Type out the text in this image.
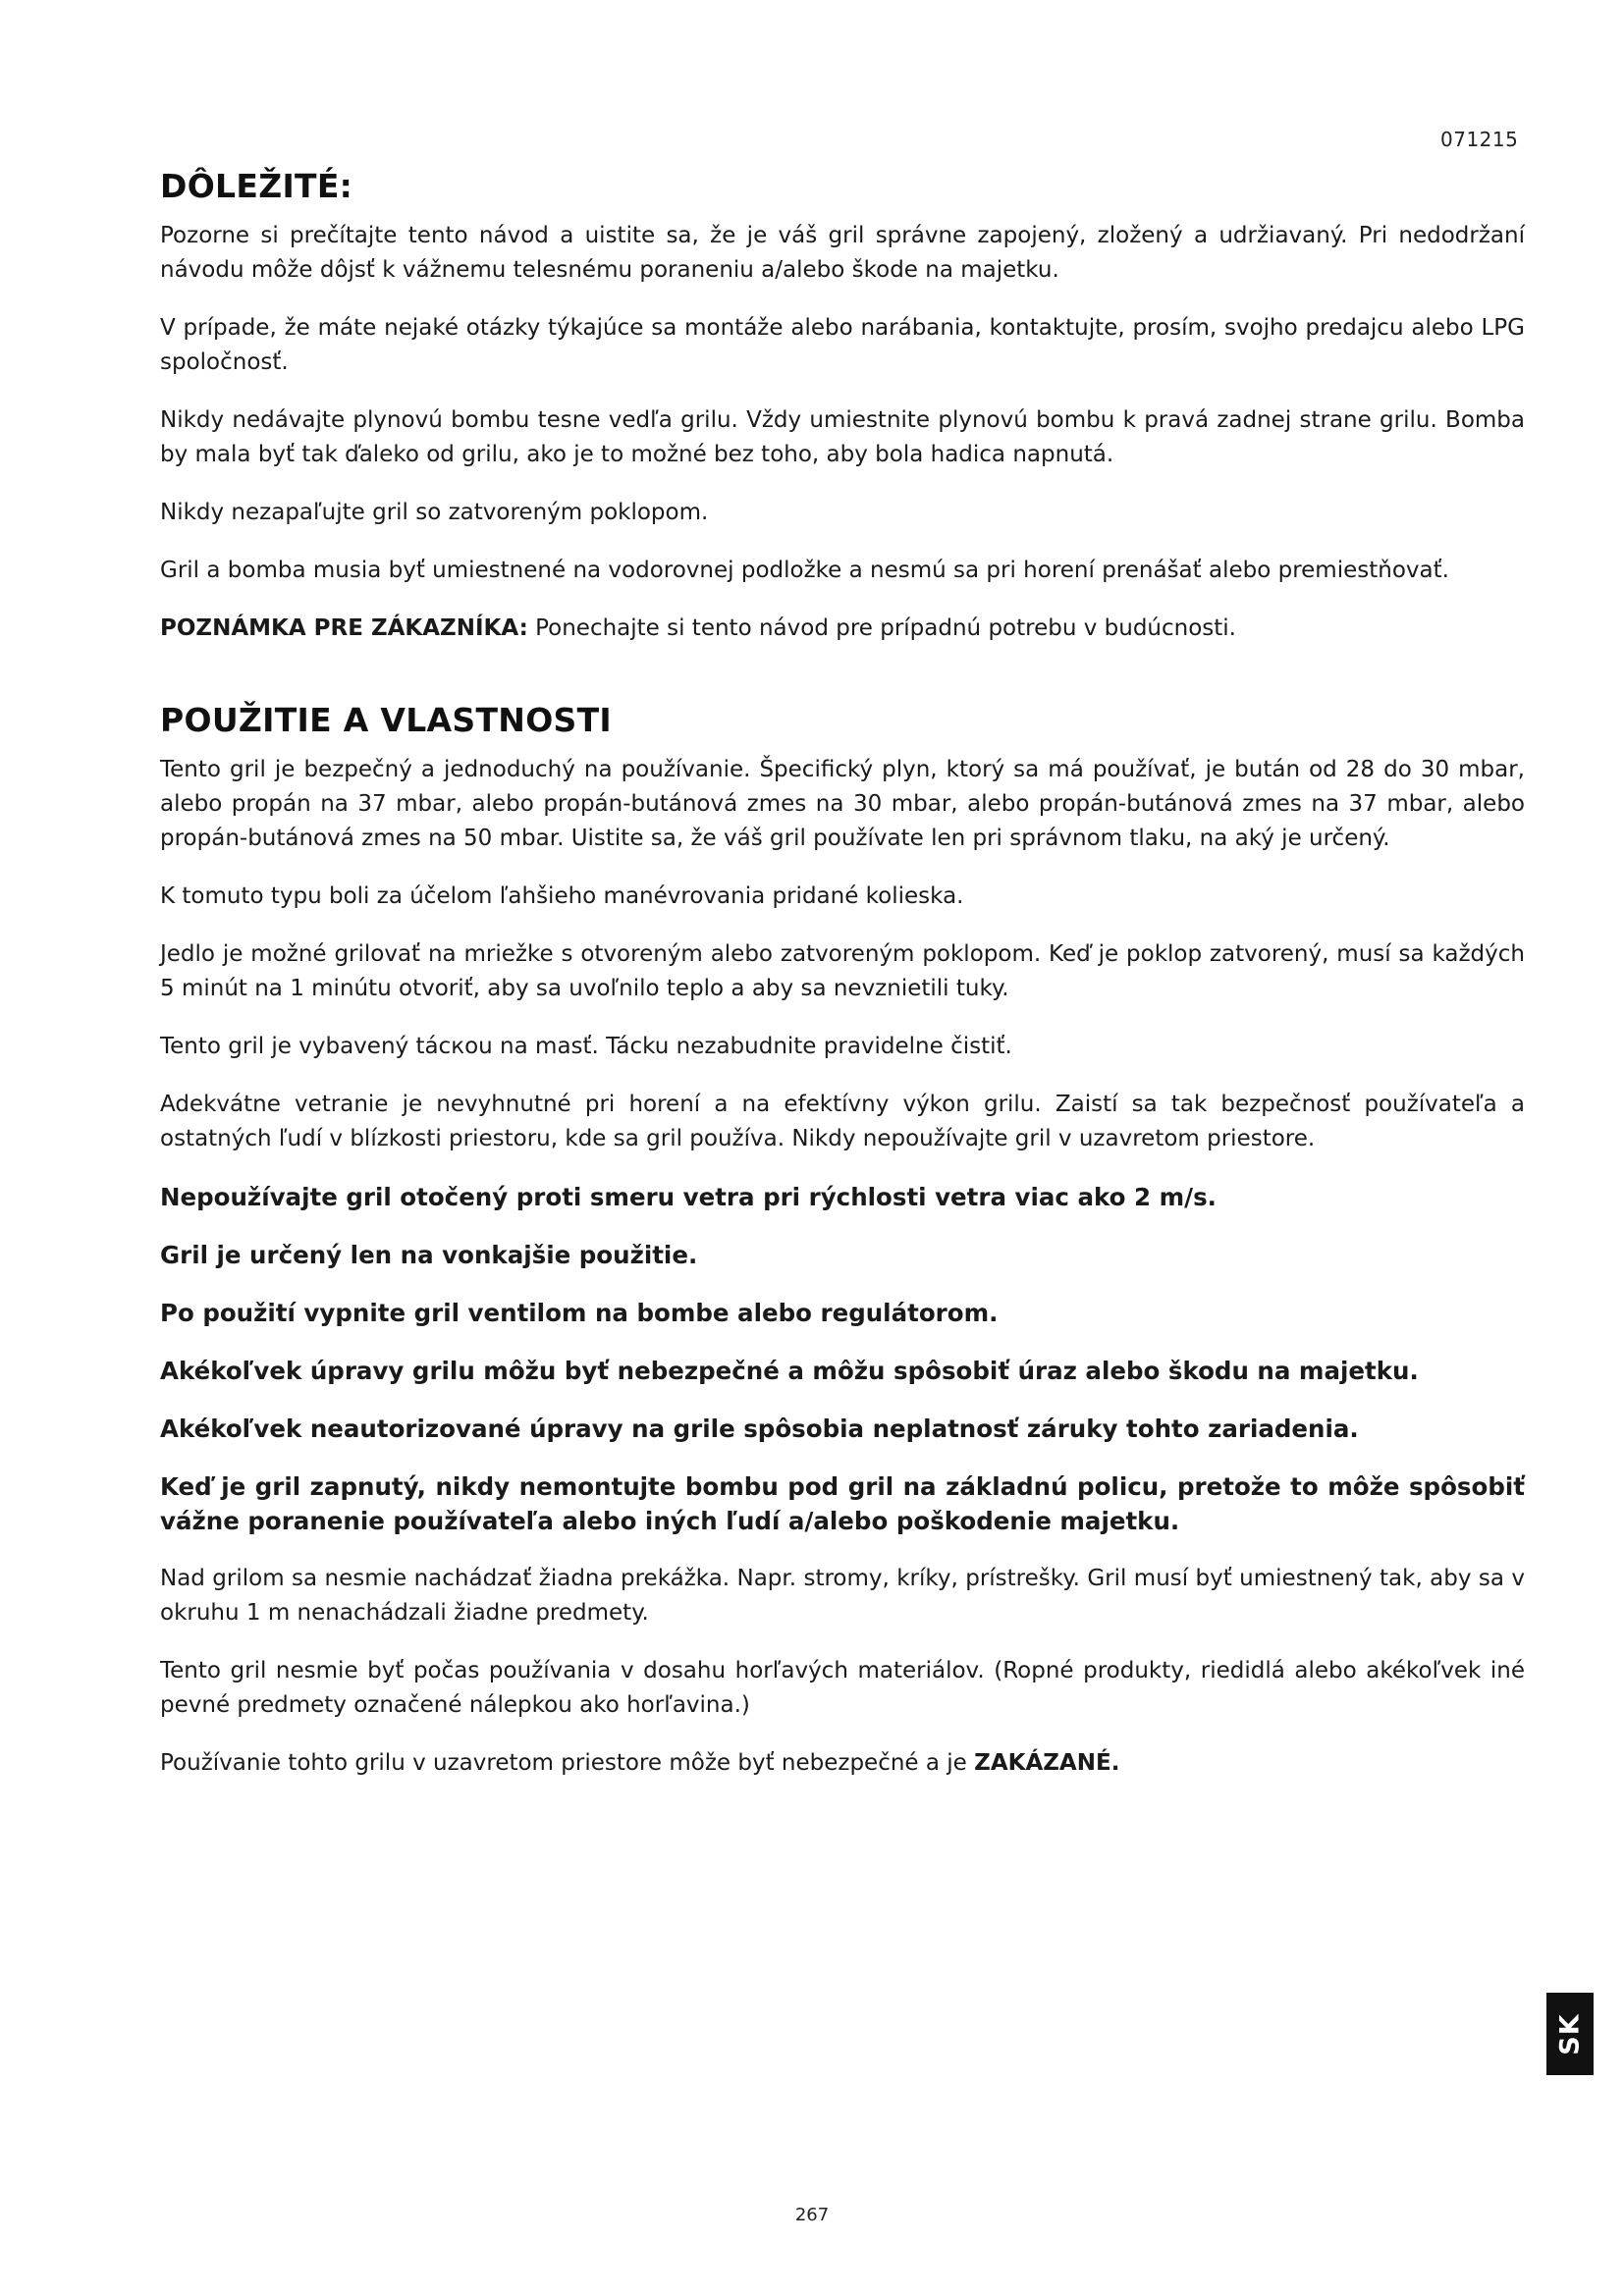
071215
DÔLEŽITÉ:

Pozorne si prečítajte tento návod a uistite sa, že je váš gril správne zapojený, zložený a udržiavaný. Pri nedodržaní návodu môže dôjsť k vážnemu telesnému poraneniu a/alebo škode na majetku.

V prípade, že máte nejaké otázky týkajúce sa montáže alebo narábania, kontaktujte, prosím, svojho predajcu alebo LPG spoločnosť.

Nikdy nedávajte plynovú bombu tesne vedľa grilu. Vždy umiestnite plynovú bombu k pravá zadnej strane grilu. Bomba by mala byť tak ďaleko od grilu, ako je to možné bez toho, aby bola hadica napnutá.

Nikdy nezapaľujte gril so zatvoreným poklopom.

Gril a bomba musia byť umiestnené na vodorovnej podložke a nesmú sa pri horení prenášať alebo premiestňovať.

POZNÁMKA PRE ZÁKAZNÍKA: Ponechajte si tento návod pre prípadnú potrebu v budúcnosti.

POUŽITIE A VLASTNOSTI

Tento gril je bezpečný a jednoduchý na používanie. Špecifický plyn, ktorý sa má používať, je bután od 28 do 30 mbar, alebo propán na 37 mbar, alebo propán-butánová zmes na 30 mbar, alebo propán-butánová zmes na 37 mbar, alebo propán-butánová zmes na 50 mbar. Uistite sa, že váš gril používate len pri správnom tlaku, na aký je určený.

K tomuto typu boli za účelom ľahšieho manévrovania pridané kolieska.

Jedlo je možné grilovať na mriežke s otvoreným alebo zatvoreným poklopom. Keď je poklop zatvorený, musí sa každých 5 minút na 1 minútu otvoriť, aby sa uvoľnilo teplo a aby sa nevznietili tuky.

Tento gril je vybavený tácкou na masť. Tácku nezabudnite pravidelne čistiť.

Adekvátne vetranie je nevyhnutné pri horení a na efektívny výkon grilu. Zaistí sa tak bezpečnosť používateľa a ostatných ľudí v blízkosti priestoru, kde sa gril používa. Nikdy nepoužívajte gril v uzavretom priestore.

Nepoužívajte gril otočený proti smeru vetra pri rýchlosti vetra viac ako 2 m/s.

Gril je určený len na vonkajšie použitie.

Po použití vypnite gril ventilom na bombe alebo regulátorom.

Akékoľvek úpravy grilu môžu byť nebezpečné a môžu spôsobiť úraz alebo škodu na majetku.

Akékoľvek neautorizované úpravy na grile spôsobia neplatnosť záruky tohto zariadenia.

Keď je gril zapnutý, nikdy nemontujte bombu pod gril na základnú policu, pretože to môže spôsobiť vážne poranenie používateľa alebo iných ľudí a/alebo poškodenie majetku.

Nad grilom sa nesmie nachádzať žiadna prekážka. Napr. stromy, kríky, prístrešky. Gril musí byť umiestnený tak, aby sa v okruhu 1 m nenachádzali žiadne predmety.

Tento gril nesmie byť počas používania v dosahu horľavých materiálov. (Ropné produkty, riedidlá alebo akékoľvek iné pevné predmety označené nálepkou ako horľavina.)

Používanie tohto grilu v uzavretom priestore môže byť nebezpečné a je ZAKÁZANÉ.

SK
267
